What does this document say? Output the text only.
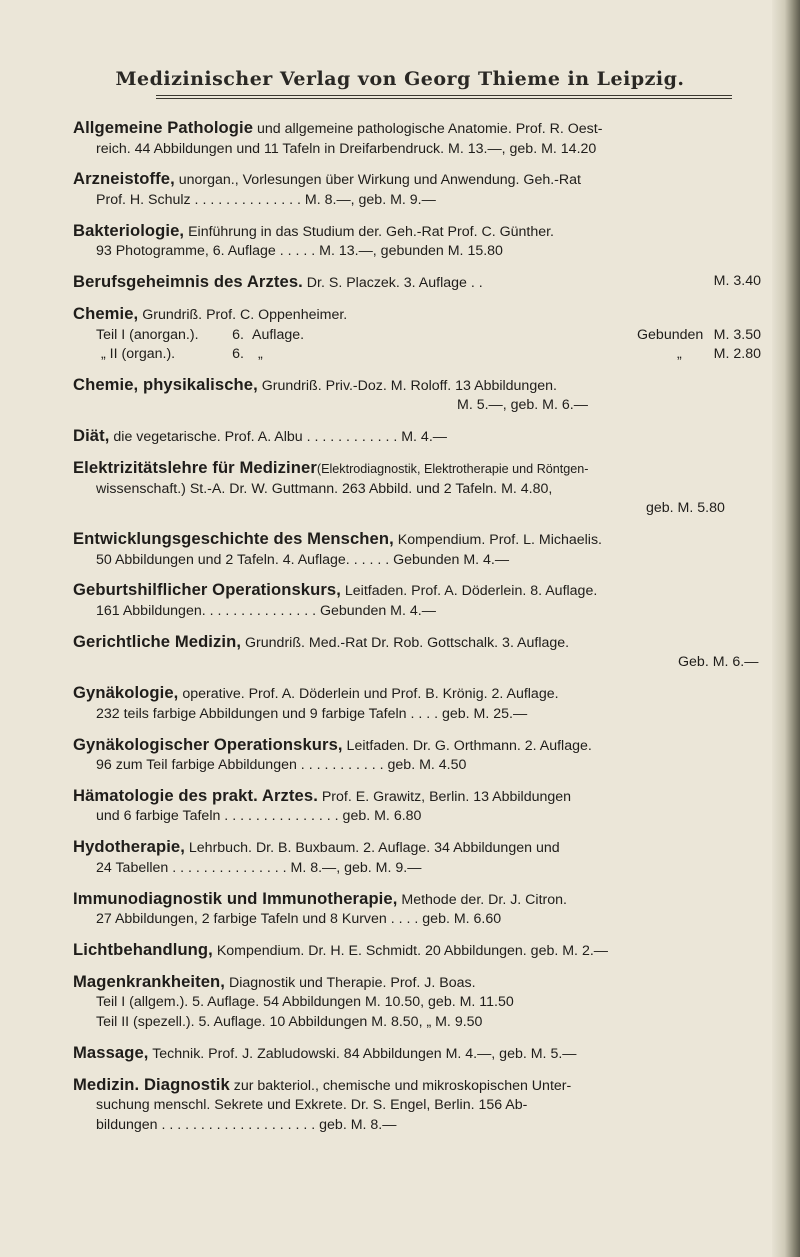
Medizinischer Verlag von Georg Thieme in Leipzig.
Allgemeine Pathologie und allgemeine pathologische Anatomie. Prof. R. Oest-
reich. 44 Abbildungen und 11 Tafeln in Dreifarbendruck. M. 13.—, geb. M. 14.20
Arzneistoffe, unorgan., Vorlesungen über Wirkung und Anwendung. Geh.-Rat
Prof. H. Schulz . . . . . . . . . . . . . . M. 8.—, geb. M. 9.—
Bakteriologie, Einführung in das Studium der. Geh.-Rat Prof. C. Günther.
93 Photogramme, 6. Auflage . . . . . M. 13.—, gebunden M. 15.80
Berufsgeheimnis des Arztes. Dr. S. Placzek. 3. Auflage . .	M. 3.40
Chemie, Grundriß. Prof. C. Oppenheimer.
Teil I (anorgan.). 6. Auflage.	Gebunden M. 3.50
„ II (organ.).	6. „	„ M. 2.80
Chemie, physikalische, Grundriß. Priv.-Doz. M. Roloff. 13 Abbildungen.
M. 5.—, geb. M. 6.—
Diät, die vegetarische. Prof. A. Albu . . . . . . . . . . . . M. 4.—
Elektrizitätslehre für Mediziner(Elektrodiagnostik, Elektrotherapie und Röntgen-
wissenschaft.) St.-A. Dr. W. Guttmann. 263 Abbild. und 2 Tafeln. M. 4.80,
geb. M. 5.80
Entwicklungsgeschichte des Menschen, Kompendium. Prof. L. Michaelis.
50 Abbildungen und 2 Tafeln. 4. Auflage. . . . . . Gebunden M. 4.—
Geburtshilflicher Operationskurs, Leitfaden. Prof. A. Döderlein. 8. Auflage.
161 Abbildungen. . . . . . . . . . . . . . . Gebunden M. 4.—
Gerichtliche Medizin, Grundriß. Med.-Rat Dr. Rob. Gottschalk. 3. Auflage.
Geb. M. 6.—
Gynäkologie, operative. Prof. A. Döderlein und Prof. B. Krönig. 2. Auflage.
232 teils farbige Abbildungen und 9 farbige Tafeln . . . . geb. M. 25.—
Gynäkologischer Operationskurs, Leitfaden. Dr. G. Orthmann. 2. Auflage.
96 zum Teil farbige Abbildungen . . . . . . . . . . . geb. M. 4.50
Hämatologie des prakt. Arztes. Prof. E. Grawitz, Berlin. 13 Abbildungen
und 6 farbige Tafeln . . . . . . . . . . . . . . . geb. M. 6.80
Hydotherapie, Lehrbuch. Dr. B. Buxbaum. 2. Auflage. 34 Abbildungen und
24 Tabellen . . . . . . . . . . . . . . . M. 8.—, geb. M. 9.—
Immunodiagnostik und Immunotherapie, Methode der. Dr. J. Citron.
27 Abbildungen, 2 farbige Tafeln und 8 Kurven . . . . geb. M. 6.60
Lichtbehandlung, Kompendium. Dr. H. E. Schmidt. 20 Abbildungen. geb. M. 2.—
Magenkrankheiten, Diagnostik und Therapie. Prof. J. Boas.
Teil I (allgem.). 5. Auflage. 54 Abbildungen M. 10.50, geb. M. 11.50
Teil II (spezell.). 5. Auflage. 10 Abbildungen M. 8.50, „ M. 9.50
Massage, Technik. Prof. J. Zabludowski. 84 Abbildungen M. 4.—, geb. M. 5.—
Medizin. Diagnostik zur bakteriol., chemische und mikroskopischen Unter-
suchung menschl. Sekrete und Exkrete. Dr. S. Engel, Berlin. 156 Ab-
bildungen . . . . . . . . . . . . . . . . . . . . geb. M. 8.—
